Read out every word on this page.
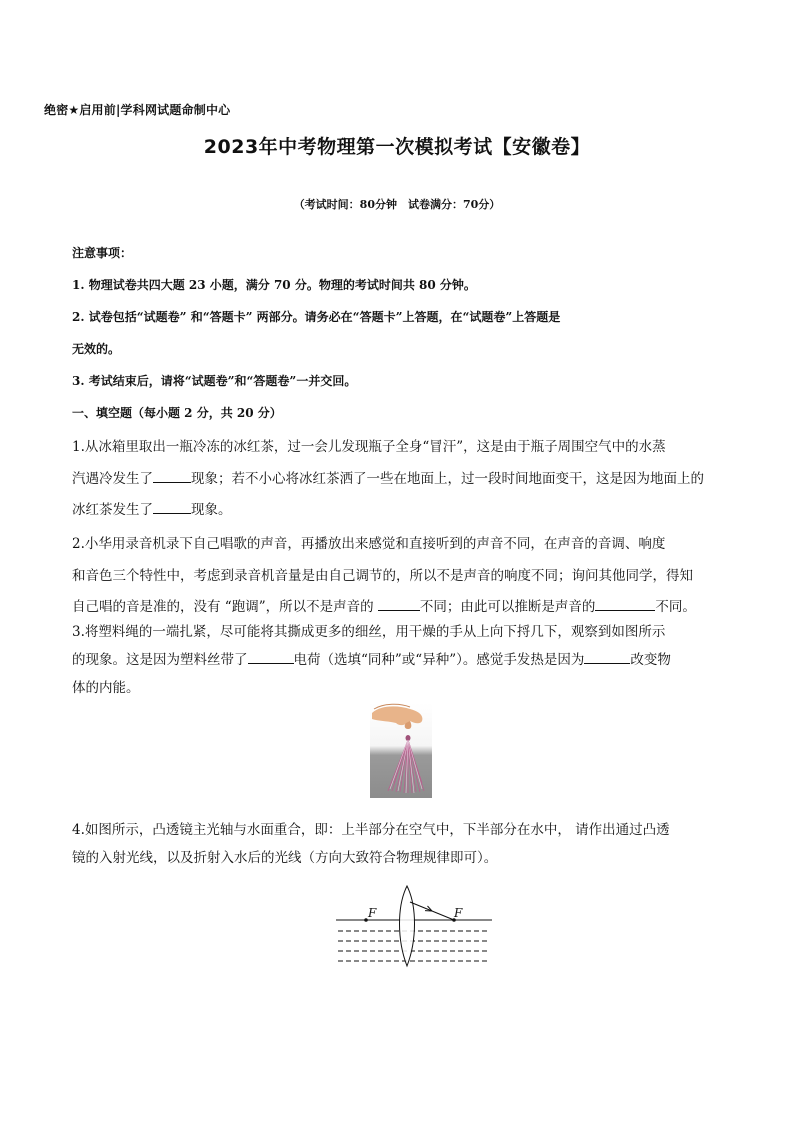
绝密★启用前|学科网试题命制中心
2023年中考物理第一次模拟考试【安徽卷】
（考试时间：80分钟　试卷满分：70分）
注意事项：
1. 物理试卷共四大题 23 小题，满分 70 分。物理的考试时间共 80 分钟。
2. 试卷包括“试题卷” 和“答题卡” 两部分。请务必在“答题卡”上答题，在“试题卷”上答题是
无效的。
3. 考试结束后，请将“试题卷”和“答题卷”一并交回。
一、填空题（每小题 2 分，共 20 分）
1.从冰箱里取出一瓶冷冻的冰红茶，过一会儿发现瓶子全身“冒汗”，这是由于瓶子周围空气中的水蒸
汽遇冷发生了	现象；若不小心将冰红茶洒了一些在地面上，过一段时间地面变干，这是因为地面上的
冰红茶发生了	现象。
2.小华用录音机录下自己唱歌的声音，再播放出来感觉和直接听到的声音不同，在声音的音调、响度
和音色三个特性中，考虑到录音机音量是由自己调节的，所以不是声音的响度不同；询问其他同学，得知
自己唱的音是准的，没有 “跑调”，所以不是声音的	不同；由此可以推断是声音的	不同。
3.将塑料绳的一端扎紧，尽可能将其撕成更多的细丝，用干燥的手从上向下捋几下，观察到如图所示
的现象。这是因为塑料丝带了	电荷（选填“同种”或“异种”）。感觉手发热是因为	改变物
体的内能。
4.如图所示，凸透镜主光轴与水面重合，即：上半部分在空气中，下半部分在水中， 请作出通过凸透
镜的入射光线，以及折射入水后的光线（方向大致符合物理规律即可）。
F	F
